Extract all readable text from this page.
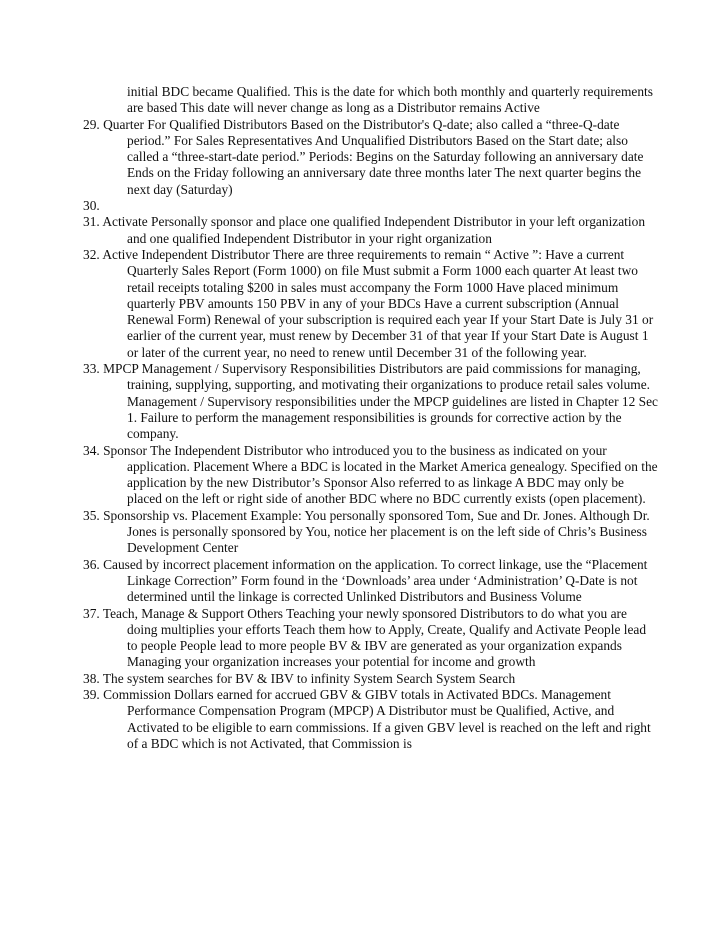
initial BDC became Qualified. This is the date for which both monthly and quarterly requirements are based This date will never change as long as a Distributor remains Active

29. Quarter For Qualified Distributors Based on the Distributor's Q-date; also called a “three-Q-date period.” For Sales Representatives And Unqualified Distributors Based on the Start date; also called a “three-start-date period.” Periods: Begins on the Saturday following an anniversary date Ends on the Friday following an anniversary date three months later The next quarter begins the next day (Saturday)

30.

31. Activate Personally sponsor and place one qualified Independent Distributor in your left organization and one qualified Independent Distributor in your right organization

32. Active Independent Distributor There are three requirements to remain “ Active ”: Have a current Quarterly Sales Report (Form 1000) on file Must submit a Form 1000 each quarter At least two retail receipts totaling $200 in sales must accompany the Form 1000 Have placed minimum quarterly PBV amounts 150 PBV in any of your BDCs Have a current subscription (Annual Renewal Form) Renewal of your subscription is required each year If your Start Date is July 31 or earlier of the current year, must renew by December 31 of that year If your Start Date is August 1 or later of the current year, no need to renew until December 31 of the following year.

33. MPCP Management / Supervisory Responsibilities Distributors are paid commissions for managing, training, supplying, supporting, and motivating their organizations to produce retail sales volume. Management / Supervisory responsibilities under the MPCP guidelines are listed in Chapter 12 Sec 1. Failure to perform the management responsibilities is grounds for corrective action by the company.

34. Sponsor The Independent Distributor who introduced you to the business as indicated on your application. Placement Where a BDC is located in the Market America genealogy. Specified on the application by the new Distributor’s Sponsor Also referred to as linkage A BDC may only be placed on the left or right side of another BDC where no BDC currently exists (open placement).

35. Sponsorship vs. Placement Example: You personally sponsored Tom, Sue and Dr. Jones. Although Dr. Jones is personally sponsored by You, notice her placement is on the left side of Chris’s Business Development Center

36. Caused by incorrect placement information on the application. To correct linkage, use the “Placement Linkage Correction” Form found in the ‘Downloads’ area under ‘Administration’ Q-Date is not determined until the linkage is corrected Unlinked Distributors and Business Volume

37. Teach, Manage & Support Others Teaching your newly sponsored Distributors to do what you are doing multiplies your efforts Teach them how to Apply, Create, Qualify and Activate People lead to people People lead to more people BV & IBV are generated as your organization expands Managing your organization increases your potential for income and growth

38. The system searches for BV & IBV to infinity System Search System Search

39. Commission Dollars earned for accrued GBV & GIBV totals in Activated BDCs. Management Performance Compensation Program (MPCP) A Distributor must be Qualified, Active, and Activated to be eligible to earn commissions. If a given GBV level is reached on the left and right of a BDC which is not Activated, that Commission is
